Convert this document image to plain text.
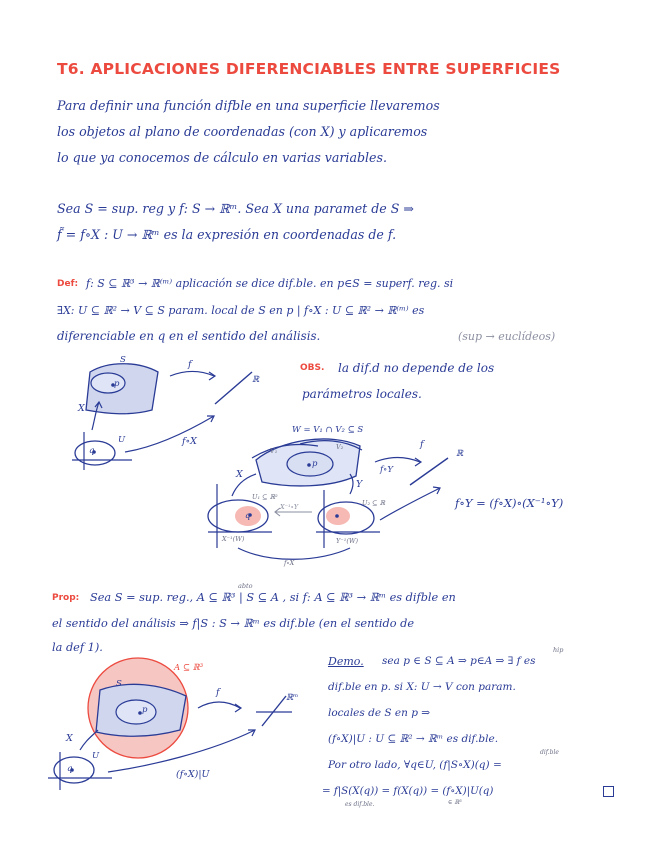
T6. APLICACIONES DIFERENCIABLES ENTRE SUPERFICIES
Para definir una función difble en una superficie llevaremos
los objetos al plano de coordenadas (con X) y aplicaremos
lo que ya conocemos de cálculo en varias variables.
Sea S = sup. reg y f: S → ℝᵐ. Sea X una paramet de S ⇒
f̃ = f∘X : U → ℝᵐ es la expresión en coordenadas de f.
Def: f: S ⊆ ℝ³ → ℝ⁽ᵐ⁾ aplicación se dice dif.ble. en p∈S = superf. reg. si
∃X: U ⊆ ℝ² → V ⊆ S param. local de S en p | f∘X : U ⊆ ℝ² → ℝ⁽ᵐ⁾ es
diferenciable en q en el sentido del análisis.	(sup → euclídeos)
S
p
f
ℝ
X
U
q
f∘X
OBS. la dif.d no depende de los
parámetros locales.
W = V₁ ∩ V₂ ⊆ S
V₂
V₁
p
f
ℝ
f∘Y
X
Y
U₁ ⊆ ℝ²
U₂ ⊆ ℝ
X⁻¹∘Y
q
X⁻¹(W)	Y⁻¹(W)
f∘X
f∘Y = (f∘X)∘(X⁻¹∘Y)
Prop:
abto
Sea S = sup. reg., A ⊆ ℝ³ | S ⊆ A , si f: A ⊆ ℝ³ → ℝᵐ es difble en
el sentido del análisis ⇒ f|S : S → ℝᵐ es dif.ble (en el sentido de
la def 1).
Demo. sea p ∈ S ⊆ A ⇒ p∈A ⇒ ∃ f es
hip
dif.ble en p. si X: U → V con param.
locales de S en p ⇒
(f∘X)|U : U ⊆ ℝ² → ℝᵐ es dif.ble.
dif.ble
Por otro lado, ∀q∈U, (f|S∘X)(q) =
= f|S(X(q)) = f(X(q)) = (f∘X)|U(q)
es dif.ble.	∈ ℝ³
A ⊆ ℝ³
S
p
f	ℝᵐ
X
U
q	(f∘X)|U
